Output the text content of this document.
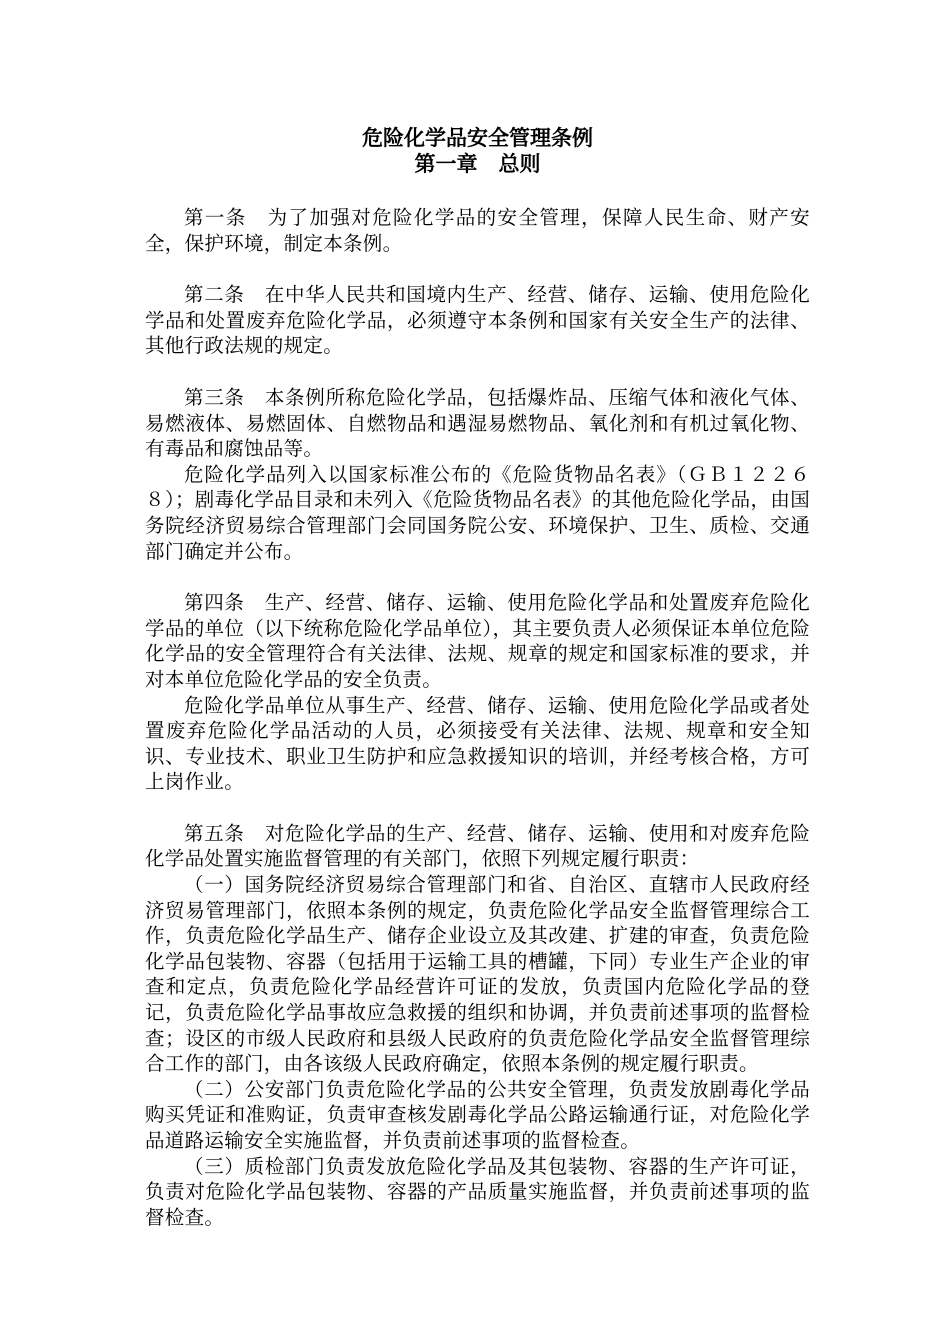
危险化学品安全管理条例
第一章　总则

第一条　为了加强对危险化学品的安全管理，保障人民生命、财产安全，保护环境，制定本条例。

第二条　在中华人民共和国境内生产、经营、储存、运输、使用危险化学品和处置废弃危险化学品，必须遵守本条例和国家有关安全生产的法律、其他行政法规的规定。

第三条　本条例所称危险化学品，包括爆炸品、压缩气体和液化气体、易燃液体、易燃固体、自燃物品和遇湿易燃物品、氧化剂和有机过氧化物、有毒品和腐蚀品等。

危险化学品列入以国家标准公布的《危险货物品名表》（ＧＢ１２２６８）；剧毒化学品目录和未列入《危险货物品名表》的其他危险化学品，由国务院经济贸易综合管理部门会同国务院公安、环境保护、卫生、质检、交通部门确定并公布。

第四条　生产、经营、储存、运输、使用危险化学品和处置废弃危险化学品的单位（以下统称危险化学品单位），其主要负责人必须保证本单位危险化学品的安全管理符合有关法律、法规、规章的规定和国家标准的要求，并对本单位危险化学品的安全负责。

危险化学品单位从事生产、经营、储存、运输、使用危险化学品或者处置废弃危险化学品活动的人员，必须接受有关法律、法规、规章和安全知识、专业技术、职业卫生防护和应急救援知识的培训，并经考核合格，方可上岗作业。

第五条　对危险化学品的生产、经营、储存、运输、使用和对废弃危险化学品处置实施监督管理的有关部门，依照下列规定履行职责：

（一）国务院经济贸易综合管理部门和省、自治区、直辖市人民政府经济贸易管理部门，依照本条例的规定，负责危险化学品安全监督管理综合工作，负责危险化学品生产、储存企业设立及其改建、扩建的审查，负责危险化学品包装物、容器（包括用于运输工具的槽罐，下同）专业生产企业的审查和定点，负责危险化学品经营许可证的发放，负责国内危险化学品的登记，负责危险化学品事故应急救援的组织和协调，并负责前述事项的监督检查；设区的市级人民政府和县级人民政府的负责危险化学品安全监督管理综合工作的部门，由各该级人民政府确定，依照本条例的规定履行职责。

（二）公安部门负责危险化学品的公共安全管理，负责发放剧毒化学品购买凭证和准购证，负责审查核发剧毒化学品公路运输通行证，对危险化学品道路运输安全实施监督，并负责前述事项的监督检查。

（三）质检部门负责发放危险化学品及其包装物、容器的生产许可证，负责对危险化学品包装物、容器的产品质量实施监督，并负责前述事项的监督检查。
